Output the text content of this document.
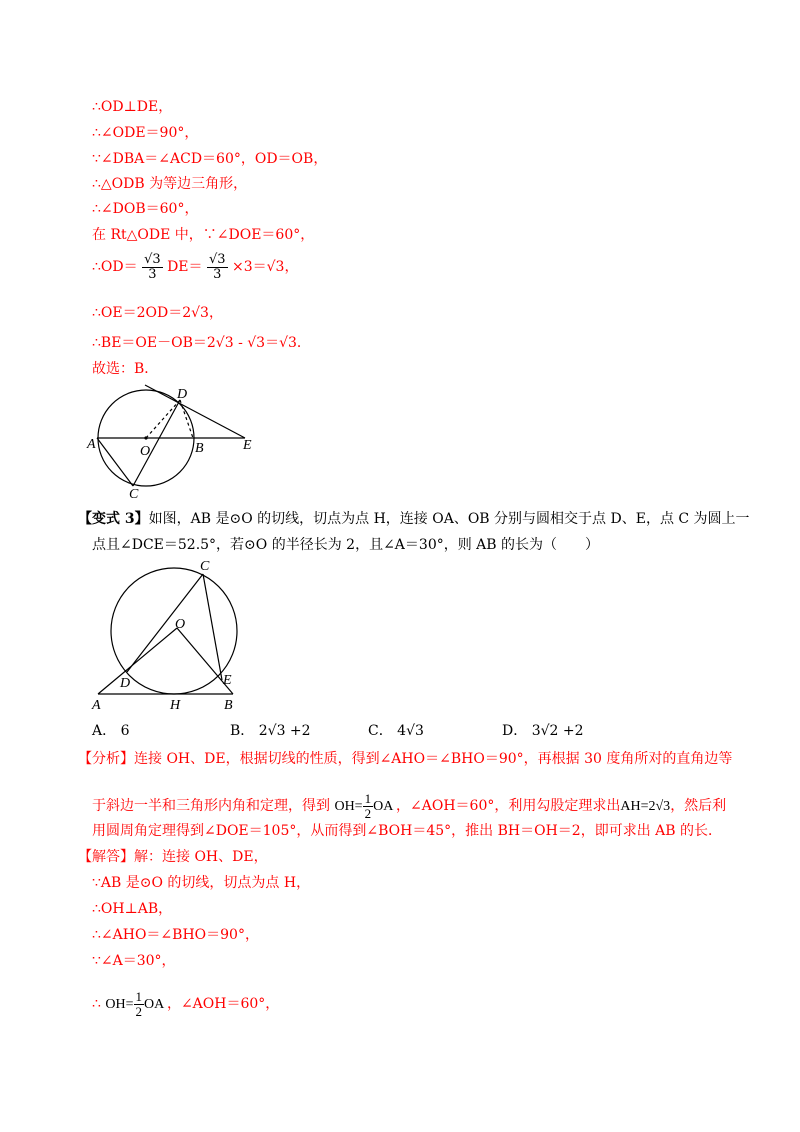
∴OD⊥DE，
∴∠ODE＝90°，
∵∠DBA＝∠ACD＝60°，OD＝OB，
∴△ODB 为等边三角形，
∴∠DOB＝60°，
在 Rt△ODE 中，∵∠DOE＝60°，
∴OD＝ $\frac{√3}{3} DE= \frac{√3}{3} \times 3=√3$，
∴OE＝2OD＝2√3，
∴BE＝OE－OB＝2√3 - √3＝√3．
故选：B．
D
A	O	B	E
C
【变式 3】如图，AB 是⊙O 的切线，切点为点 H，连接 OA、OB 分别与圆相交于点 D、E，点 C 为圆上一
点且∠DCE＝52.5°，若⊙O 的半径长为 2，且∠A＝30°，则 AB 的长为（　　）
C
O
D	E
A	H	B
A． 6	B． 2√3 +2	C． 4√3	D． 3√2 +2
【分析】连接 OH、DE，根据切线的性质，得到∠AHO＝∠BHO＝90°，再根据 30 度角所对的直角边等
于斜边一半和三角形内角和定理，得到 $OH= \frac{1}{2}$ OA ，∠AOH＝60°，利用勾股定理求出AH=2√3，然后利
用圆周角定理得到∠DOE＝105°，从而得到∠BOH＝45°，推出 BH＝OH＝2，即可求出 AB 的长．
【解答】解：连接 OH、DE，
∵AB 是⊙O 的切线，切点为点 H，
∴OH⊥AB，
∴∠AHO＝∠BHO＝90°，
∵∠A＝30°，
∴ $OH= \frac{1}{2}$ OA ，∠AOH＝60°，
